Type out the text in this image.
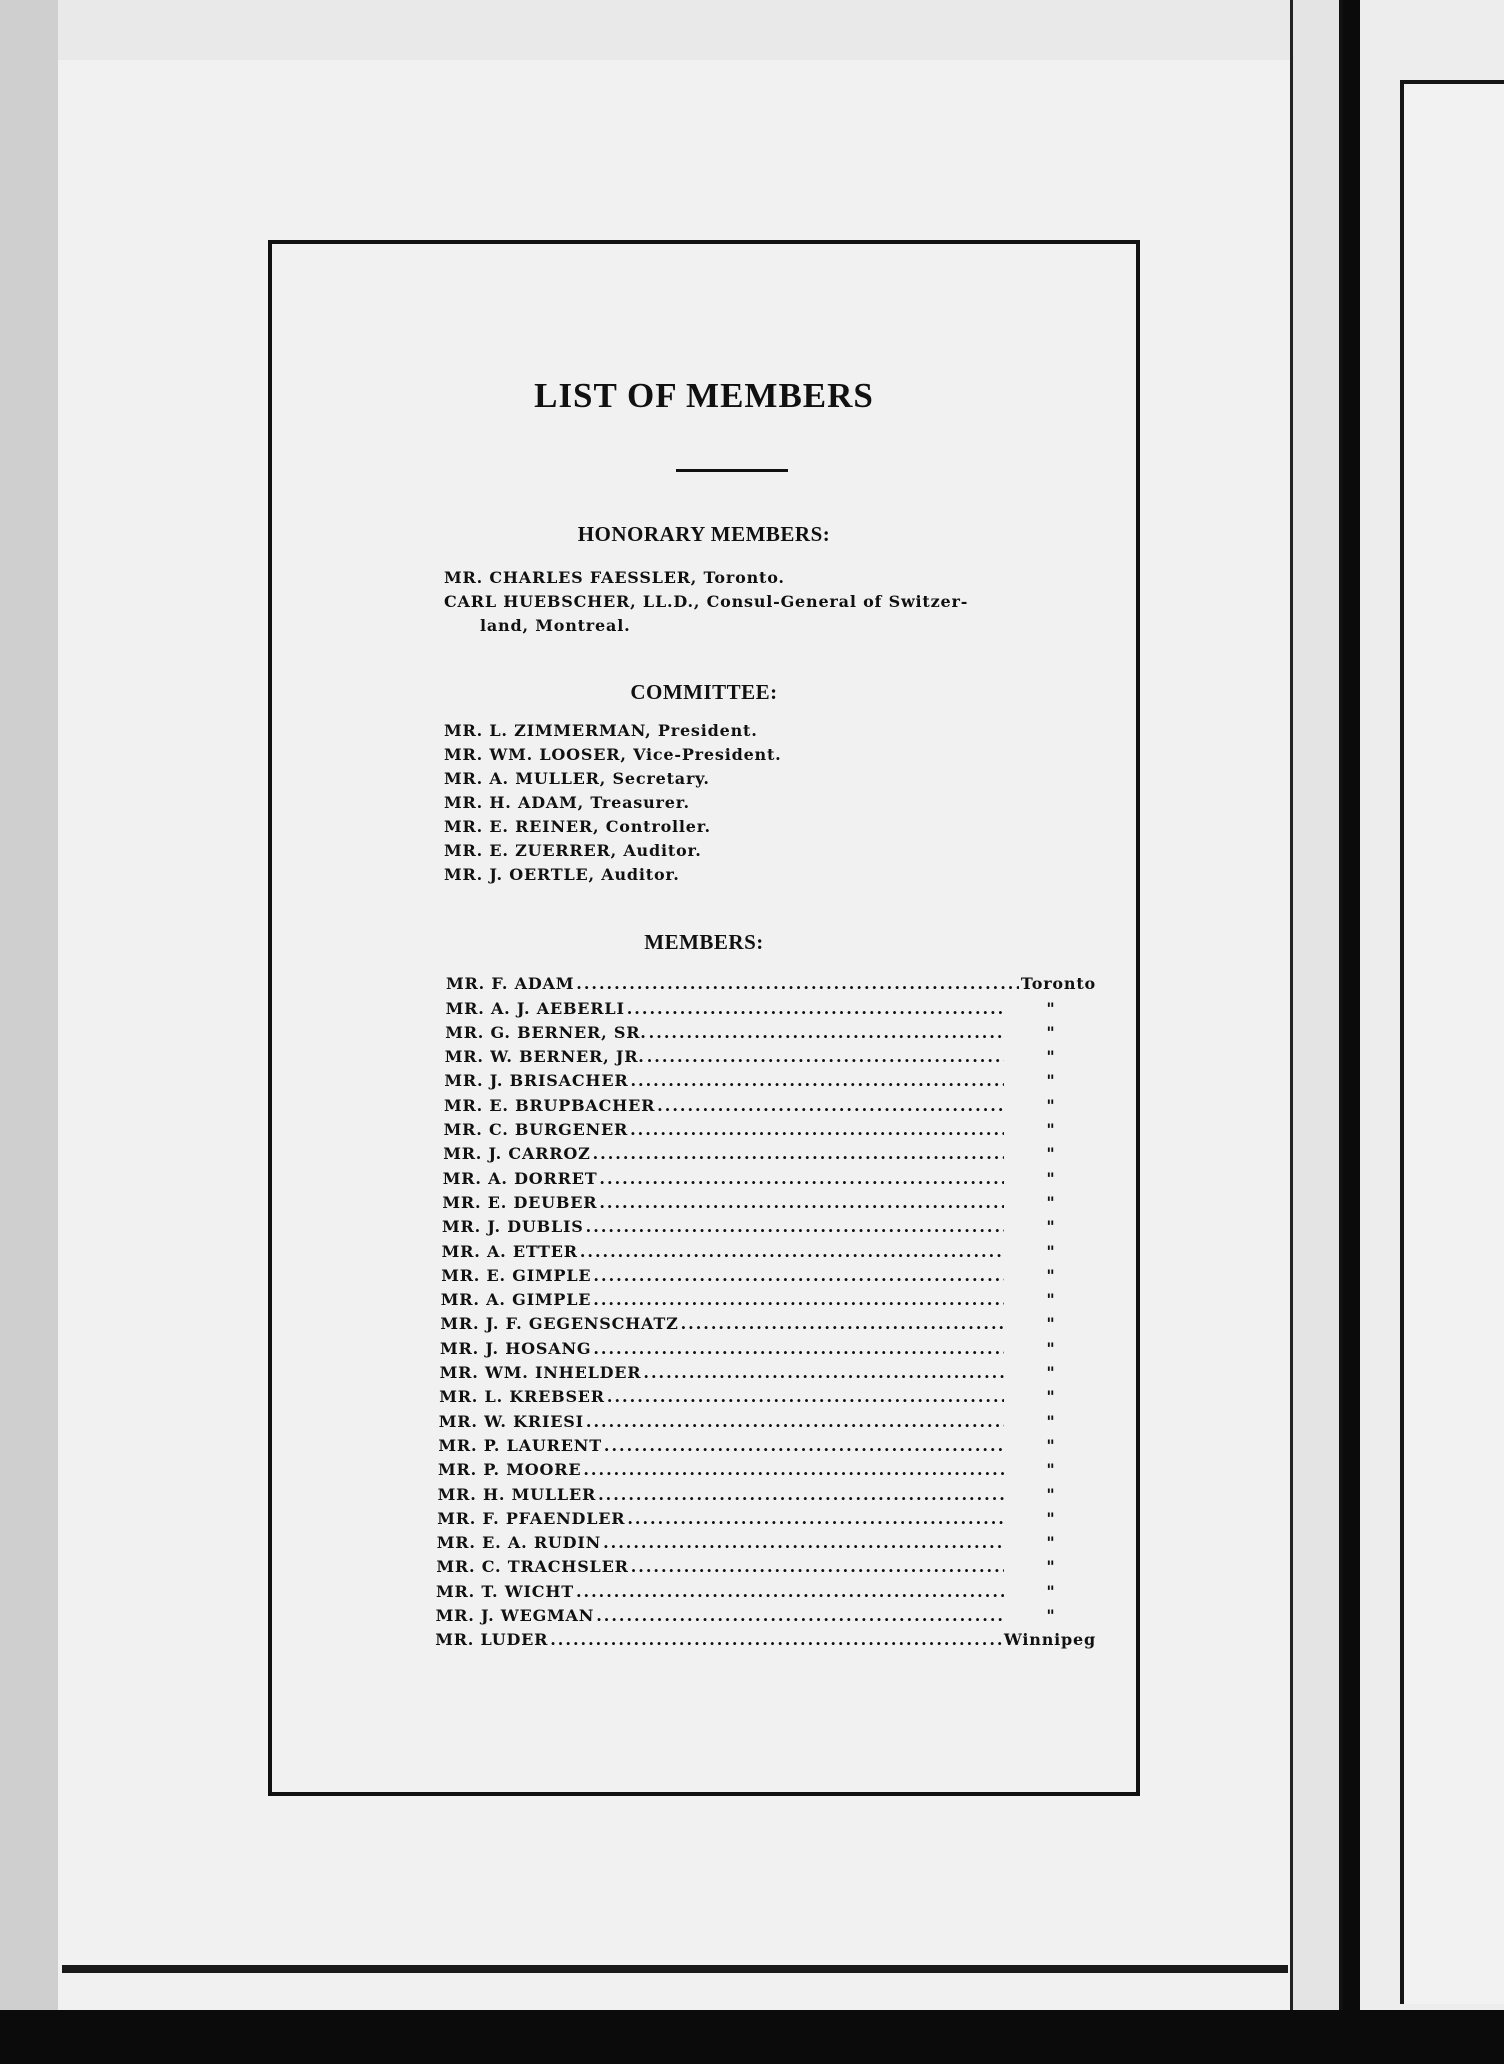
LIST OF MEMBERS
HONORARY MEMBERS:
MR. CHARLES FAESSLER, Toronto.
CARL HUEBSCHER, LL.D., Consul-General of Switzer-
land, Montreal.
COMMITTEE:
MR. L. ZIMMERMAN, President.
MR. WM. LOOSER, Vice-President.
MR. A. MULLER, Secretary.
MR. H. ADAM, Treasurer.
MR. E. REINER, Controller.
MR. E. ZUERRER, Auditor.
MR. J. OERTLE, Auditor.
MEMBERS:
MR. F. ADAM .....	Toronto
MR. A. J. AEBERLI .....	"
MR. G. BERNER, SR. .....	"
MR. W. BERNER, JR. .....	"
MR. J. BRISACHER .....	"
MR. E. BRUPBACHER .....	"
MR. C. BURGENER .....	"
MR. J. CARROZ .....	"
MR. A. DORRET .....	"
MR. E. DEUBER .....	"
MR. J. DUBLIS .....	"
MR. A. ETTER .....	"
MR. E. GIMPLE .....	"
MR. A. GIMPLE .....	"
MR. J. F. GEGENSCHATZ .....	"
MR. J. HOSANG .....	"
MR. WM. INHELDER .....	"
MR. L. KREBSER .....	"
MR. W. KRIESI .....	"
MR. P. LAURENT .....	"
MR. P. MOORE .....	"
MR. H. MULLER .....	"
MR. F. PFAENDLER .....	"
MR. E. A. RUDIN .....	"
MR. C. TRACHSLER .....	"
MR. T. WICHT .....	"
MR. J. WEGMAN .....	"
MR. LUDER .....	Winnipeg
